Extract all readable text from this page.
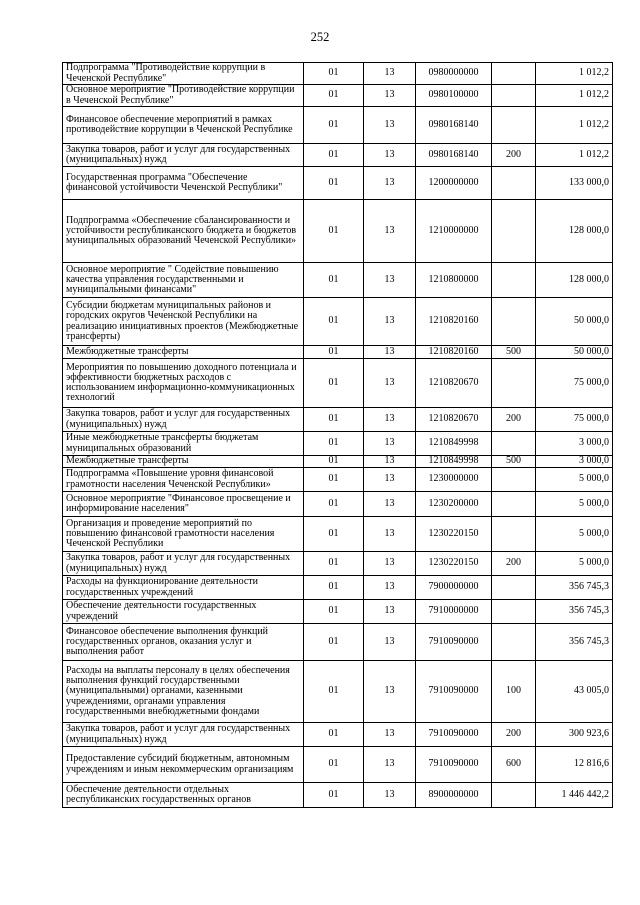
252
Подпрограмма "Противодействие коррупции в Чеченской Республике"	01	13	0980000000		1 012,2
Основное мероприятие "Противодействие коррупции в Чеченской Республике"	01	13	0980100000		1 012,2
Финансовое обеспечение мероприятий в рамках противодействие коррупции в Чеченской Республике	01	13	0980168140		1 012,2
Закупка товаров, работ и услуг для государственных (муниципальных) нужд	01	13	0980168140	200	1 012,2
Государственная программа "Обеспечение финансовой устойчивости Чеченской Республики"	01	13	1200000000		133 000,0
Подпрограмма «Обеспечение сбалансированности и устойчивости республиканского бюджета и бюджетов муниципальных образований Чеченской Республики»	01	13	1210000000		128 000,0
Основное мероприятие " Содействие повышению качества управления государственными и муниципальными финансами"	01	13	1210800000		128 000,0
Субсидии бюджетам муниципальных районов и городских округов Чеченской Республики на реализацию инициативных проектов (Межбюджетные трансферты)	01	13	1210820160		50 000,0
Межбюджетные трансферты	01	13	1210820160	500	50 000,0
Мероприятия по повышению доходного потенциала и эффективности бюджетных расходов с использованием информационно-коммуникационных технологий	01	13	1210820670		75 000,0
Закупка товаров, работ и услуг для государственных (муниципальных) нужд	01	13	1210820670	200	75 000,0
Иные межбюджетные трансферты бюджетам муниципальных образований	01	13	1210849998		3 000,0
Межбюджетные трансферты	01	13	1210849998	500	3 000,0
Подпрограмма «Повышение уровня финансовой грамотности населения Чеченской Республики»	01	13	1230000000		5 000,0
Основное мероприятие "Финансовое просвещение и информирование населения"	01	13	1230200000		5 000,0
Организация и проведение мероприятий по повышению финансовой грамотности населения Чеченской Республики	01	13	1230220150		5 000,0
Закупка товаров, работ и услуг для государственных (муниципальных) нужд	01	13	1230220150	200	5 000,0
Расходы на функционирование деятельности государственных учреждений	01	13	7900000000		356 745,3
Обеспечение деятельности государственных учреждений	01	13	7910000000		356 745,3
Финансовое обеспечение выполнения функций государственных органов, оказания услуг и выполнения работ	01	13	7910090000		356 745,3
Расходы на выплаты персоналу в целях обеспечения выполнения функций государственными (муниципальными) органами, казенными учреждениями, органами управления государственными внебюджетными фондами	01	13	7910090000	100	43 005,0
Закупка товаров, работ и услуг для государственных (муниципальных) нужд	01	13	7910090000	200	300 923,6
Предоставление субсидий бюджетным, автономным учреждениям и иным некоммерческим организациям	01	13	7910090000	600	12 816,6
Обеспечение деятельности отдельных республиканских государственных органов	01	13	8900000000		1 446 442,2
